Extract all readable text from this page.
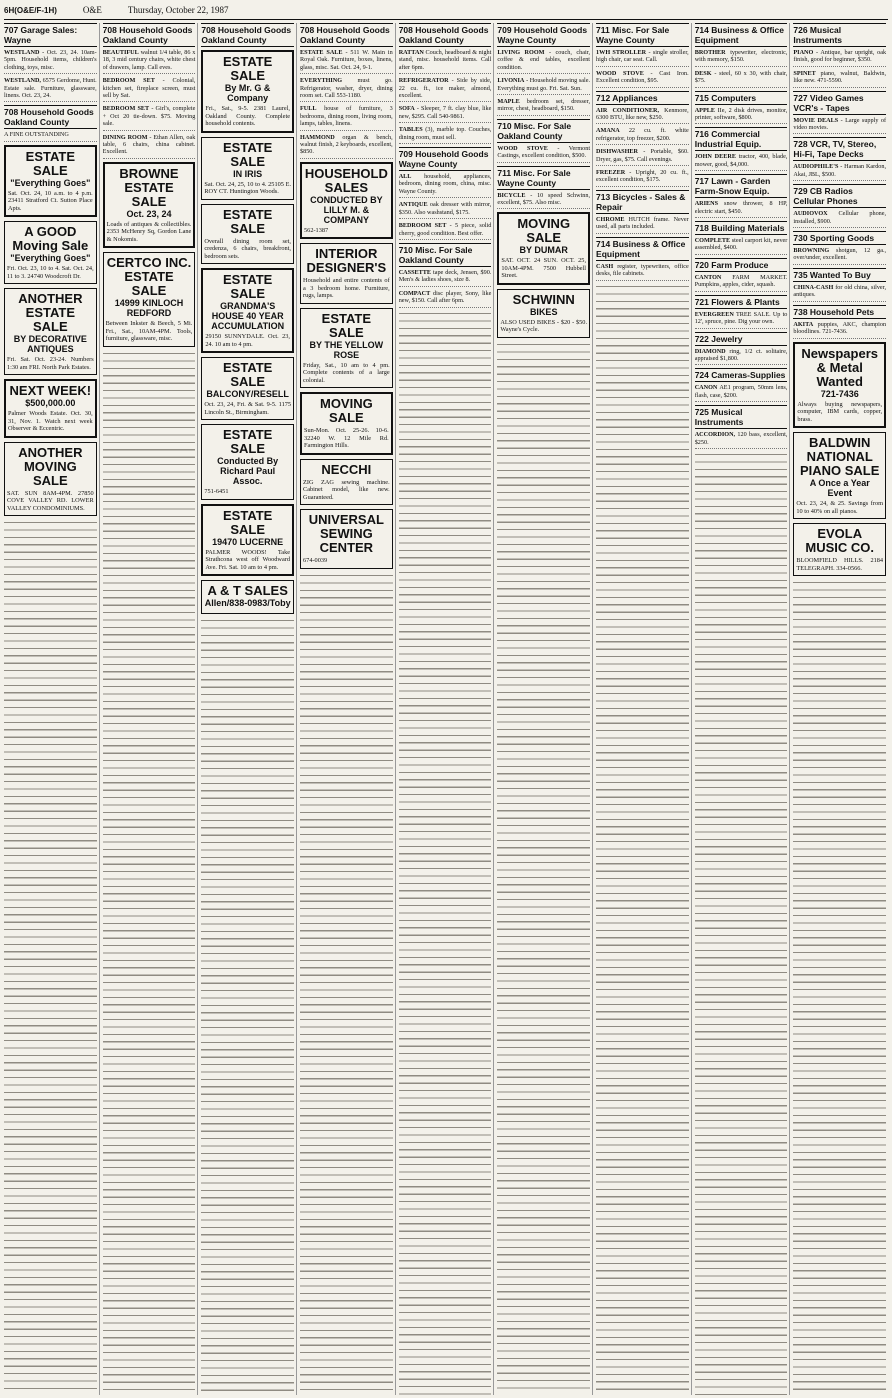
6H(O&E/F-1H)	O&E	Thursday, October 22, 1987
707 Garage Sales: Wayne

WESTLAND - Oct. 23, 24. 10am-5pm. Household items, children's clothing, toys, misc.

WESTLAND, 6575 Gerdome, Hunt. Estate sale. Furniture, glassware, linens. Oct. 23, 24.

708 Household Goods Oakland County

A FINE OUTSTANDING

ESTATE SALE
"Everything Goes"
Sat. Oct. 24, 10 a.m. to 4 p.m. 23411 Stratford Ct. Sutton Place Apts.
A GOOD Moving Sale
"Everything Goes"
Fri. Oct. 23, 10 to 4. Sat. Oct. 24, 11 to 3. 24740 Woodcroft Dr.
ANOTHER ESTATE SALE
BY DECORATIVE ANTIQUES
Fri. Sat. Oct. 23-24. Numbers 1:30 am FRI. North Park Estates.
NEXT WEEK!
$500,000.00
Palmer Woods Estate. Oct. 30, 31, Nov. 1. Watch next week Observer & Eccentric.
ANOTHER MOVING SALE
SAT. SUN 8AM-4PM. 27850 COVE VALLEY RD. LOWER VALLEY CONDOMINIUMS.
708 Household Goods Oakland County

BEAUTIFUL walnut 1/4 table, 86 x 18, 3 mid century chairs, white chest of drawers, lamp. Call eves.

BEDROOM SET - Colonial, kitchen set, fireplace screen, must sell by Sat.

BEDROOM SET - Girl's, complete + Oct 20 tie-down. $75. Moving sale.

DINING ROOM - Ethan Allen, oak table, 6 chairs, china cabinet. Excellent.

BROWNE ESTATE SALE
Oct. 23, 24
Loads of antiques & collectibles. 2353 McHenry Sq, Gordon Lane & Nokomis.
CERTCO INC. ESTATE SALE
14999 KINLOCH REDFORD
Between Inkster & Beech, 5 Mi. Fri., Sat., 10AM-4PM. Tools, furniture, glassware, misc.
708 Household Goods Oakland County
ESTATE SALE
By Mr. G & Company
Fri., Sat., 9-5. 2381 Laurel, Oakland County. Complete household contents.
ESTATE SALE
IN IRIS
Sat. Oct. 24, 25, 10 to 4. 25105 E. ROY CT. Huntington Woods.
ESTATE SALE
Overall dining room set, credenza, 6 chairs, breakfront, bedroom sets.
ESTATE SALE
GRANDMA'S HOUSE 40 YEAR ACCUMULATION
29150 SUNNYDALE. Oct. 23, 24. 10 am to 4 pm.
ESTATE SALE
BALCONY/RESELL
Oct. 23, 24, Fri. & Sat. 9-5. 1175 Lincoln St., Birmingham.
ESTATE SALE
Conducted By Richard Paul Assoc.
751-6451
ESTATE SALE
19470 LUCERNE
PALMER WOODS! Take Strathcona west off Woodward Ave. Fri. Sat. 10 am to 4 pm.
A & T SALES
Allen/838-0983/Toby
708 Household Goods Oakland County

ESTATE SALE - 511 W. Main in Royal Oak. Furniture, boxes, linens, glass, misc. Sat. Oct. 24, 9-1.

EVERYTHING must go. Refrigerator, washer, dryer, dining room set. Call 553-1180.

FULL house of furniture, 3 bedrooms, dining room, living room, lamps, tables, linens.

HAMMOND organ & bench, walnut finish, 2 keyboards, excellent, $850.

HOUSEHOLD SALES
CONDUCTED BY LILLY M. & COMPANY
562-1387
INTERIOR DESIGNER'S
Household and entire contents of a 3 bedroom home. Furniture, rugs, lamps.
ESTATE SALE
BY THE YELLOW ROSE
Friday, Sat., 10 am to 4 pm. Complete contents of a large colonial.
MOVING SALE
Sun-Mon. Oct. 25-26. 10-6. 32240 W. 12 Mile Rd. Farmington Hills.
NECCHI
ZIG ZAG sewing machine. Cabinet model, like new. Guaranteed.
UNIVERSAL SEWING CENTER
674-0039
708 Household Goods Oakland County

RATTAN Couch, headboard & night stand, misc. household items. Call after 6pm.

REFRIGERATOR - Side by side, 22 cu. ft., ice maker, almond, excellent.

SOFA - Sleeper, 7 ft. clay blue, like new, $295. Call 540-9861.

TABLES (3), marble top. Couches, dining room, must sell.

709 Household Goods Wayne County

ALL household, appliances, bedroom, dining room, china, misc. Wayne County.

ANTIQUE oak dresser with mirror, $350. Also washstand, $175.

BEDROOM SET - 5 piece, solid cherry, good condition. Best offer.

710 Misc. For Sale Oakland County

CASSETTE tape deck, Jensen, $90. Men's & ladies shoes, size 8.

COMPACT disc player, Sony, like new, $150. Call after 6pm.

709 Household Goods Wayne County

LIVING ROOM - couch, chair, coffee & end tables, excellent condition.

LIVONIA - Household moving sale. Everything must go. Fri. Sat. Sun.

MAPLE bedroom set, dresser, mirror, chest, headboard, $150.

710 Misc. For Sale Oakland County

WOOD STOVE - Vermont Castings, excellent condition, $500.

711 Misc. For Sale Wayne County

BICYCLE - 10 speed Schwinn, excellent, $75. Also misc.

MOVING SALE
BY DUMAR
SAT. OCT. 24 SUN. OCT. 25, 10AM-4PM. 7500 Hubbell Street.
SCHWINN
BIKES
ALSO USED BIKES - $20 - $50. Wayne's Cycle.
711 Misc. For Sale Wayne County

1WH STROLLER - single stroller, high chair, car seat. Call.

WOOD STOVE - Cast Iron. Excellent condition, $95.

712 Appliances

AIR CONDITIONER, Kenmore, 6300 BTU, like new, $250.

AMANA 22 cu. ft. white refrigerator, top freezer, $200.

DISHWASHER - Portable, $60. Dryer, gas, $75. Call evenings.

FREEZER - Upright, 20 cu. ft., excellent condition, $175.

713 Bicycles - Sales & Repair

CHROME HUTCH frame. Never used, all parts included.

714 Business & Office Equipment

CASH register, typewriters, office desks, file cabinets.

714 Business & Office Equipment

BROTHER typewriter, electronic, with memory, $150.

DESK - steel, 60 x 30, with chair, $75.

715 Computers

APPLE IIe, 2 disk drives, monitor, printer, software, $800.

716 Commercial Industrial Equip.

JOHN DEERE tractor, 400, blade, mower, good, $4,000.

717 Lawn - Garden Farm-Snow Equip.

ARIENS snow thrower, 8 HP, electric start, $450.

718 Building Materials

COMPLETE steel carport kit, never assembled, $400.

720 Farm Produce

CANTON FARM MARKET. Pumpkins, apples, cider, squash.

721 Flowers & Plants

EVERGREEN TREE SALE. Up to 12', spruce, pine. Dig your own.

722 Jewelry

DIAMOND ring, 1/2 ct. solitaire, appraised $1,800.

724 Cameras-Supplies

CANON AE1 program, 50mm lens, flash, case, $200.

725 Musical Instruments

ACCORDION, 120 bass, excellent, $250.

726 Musical Instruments

PIANO - Antique, bar upright, oak finish, good for beginner, $350.

SPINET piano, walnut, Baldwin, like new. 471-5590.

727 Video Games VCR's - Tapes

MOVIE DEALS - Large supply of video movies.

728 VCR, TV, Stereo, Hi-Fi, Tape Decks

AUDIOPHILE'S - Harman Kardon, Akai, JBL, $500.

729 CB Radios Cellular Phones

AUDIOVOX Cellular phone, installed, $900.

730 Sporting Goods

BROWNING shotgun, 12 ga., over/under, excellent.

735 Wanted To Buy

CHINA-CASH for old china, silver, antiques.

738 Household Pets

AKITA puppies, AKC, champion bloodlines. 721-7436.

Newspapers & Metal Wanted
721-7436
Always buying newspapers, computer, IBM cards, copper, brass.
BALDWIN NATIONAL PIANO SALE
A Once a Year Event
Oct. 23, 24, & 25. Savings from 10 to 40% on all pianos.
EVOLA MUSIC CO.
BLOOMFIELD HILLS. 2184 TELEGRAPH. 334-0566.
